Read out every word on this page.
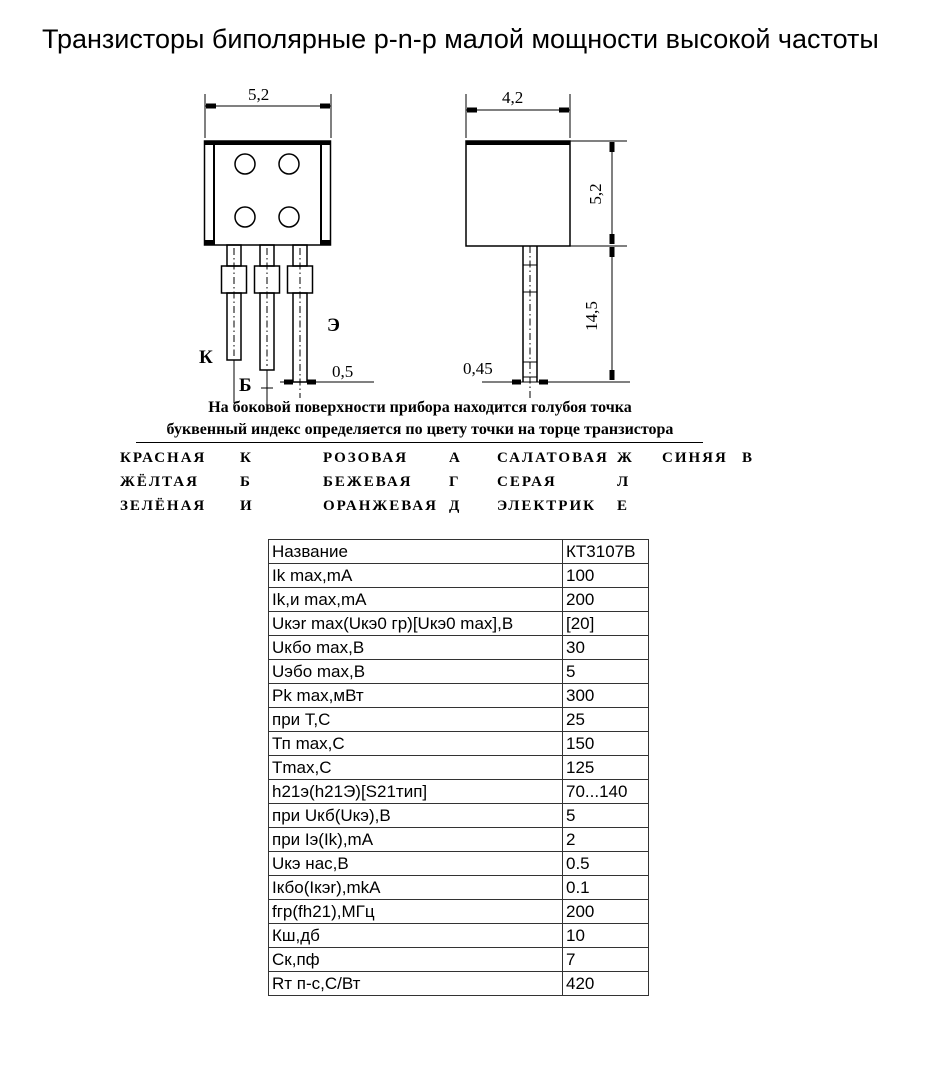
Транзисторы биполярные p-n-p малой мощности высокой частоты
5,2
0,5
К
Б
Э
4,2
5,2
14,5
0,45
На боковой поверхности прибора находится голубоя точка
буквенный индекс определяется по цвету точки на торце транзистора
КРАСНАЯ	К	РОЗОВАЯ	А	САЛАТОВАЯ Ж	СИНЯЯ В
ЖЁЛТАЯ	Б	БЕЖЕВАЯ	Г	СЕРАЯ	Л
ЗЕЛЁНАЯ	И	ОРАНЖЕВАЯ Д	ЭЛЕКТРИК	Е
Название	КТ3107В
Ik max,mA	100
Ik,и max,mA	200
Uкэr max(Uкэ0 гр)[Uкэ0 max],В	[20]
Uкбо max,В	30
Uэбо max,В	5
Pk max,мВт	300
при Т,С	25
Тп max,С	150
Tmax,С	125
h21э(h21Э)[S21тип]	70...140
при Uкб(Uкэ),В	5
при Iэ(Ik),mA	2
Uкэ нас,В	0.5
Iкбо(Iкэr),mkA	0.1
fгр(fh21),МГц	200
Кш,дб	10
Ск,пф	7
Rт п-с,С/Вт	420
